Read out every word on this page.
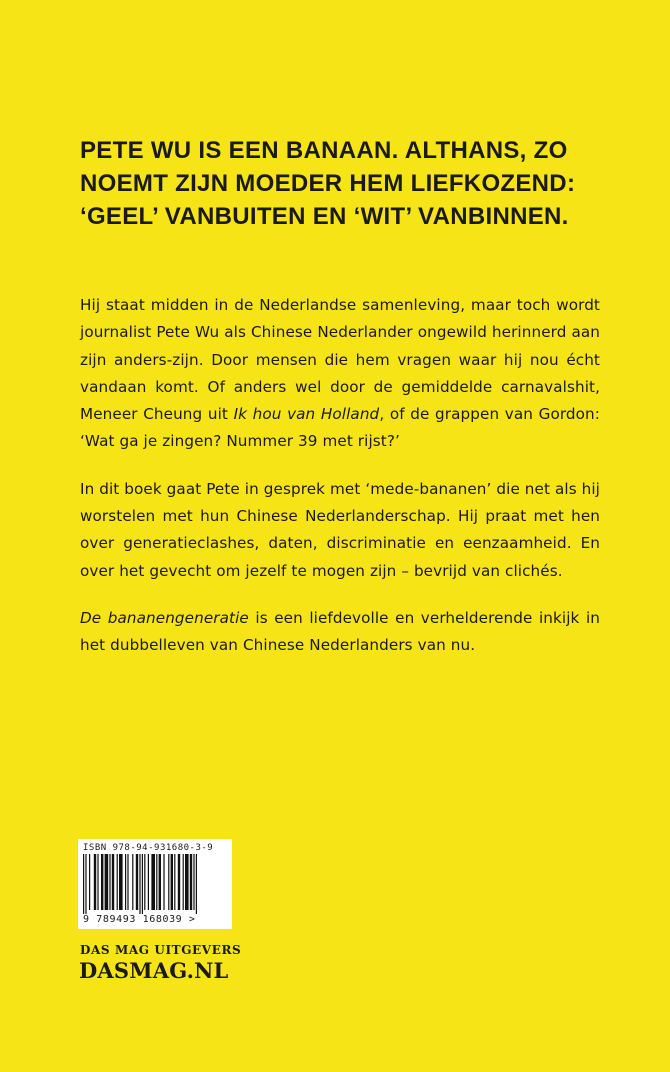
PETE WU IS EEN BANAAN. ALTHANS, ZO
NOEMT ZIJN MOEDER HEM LIEFKOZEND:
‘GEEL’ VANBUITEN EN ‘WIT’ VANBINNEN.

Hij staat midden in de Nederlandse samenleving, maar toch wordt journalist Pete Wu als Chinese Nederlander ongewild herinnerd aan zijn anders-zijn. Door mensen die hem vragen waar hij nou écht vandaan komt. Of anders wel door de gemiddelde carnavalshit, Meneer Cheung uit Ik hou van Holland, of de grappen van Gordon: ‘Wat ga je zingen? Nummer 39 met rijst?’

In dit boek gaat Pete in gesprek met ‘mede-bananen’ die net als hij worstelen met hun Chinese Nederlanderschap. Hij praat met hen over generatieclashes, daten, discriminatie en eenzaamheid. En over het gevecht om jezelf te mogen zijn – bevrijd van clichés.

De bananengeneratie is een liefdevolle en verhelderende inkijk in het dubbelleven van Chinese Nederlanders van nu.

ISBN 978-94-931680-3-9
9 789493 168039 >
DAS MAG UITGEVERS
DASMAG.NL
